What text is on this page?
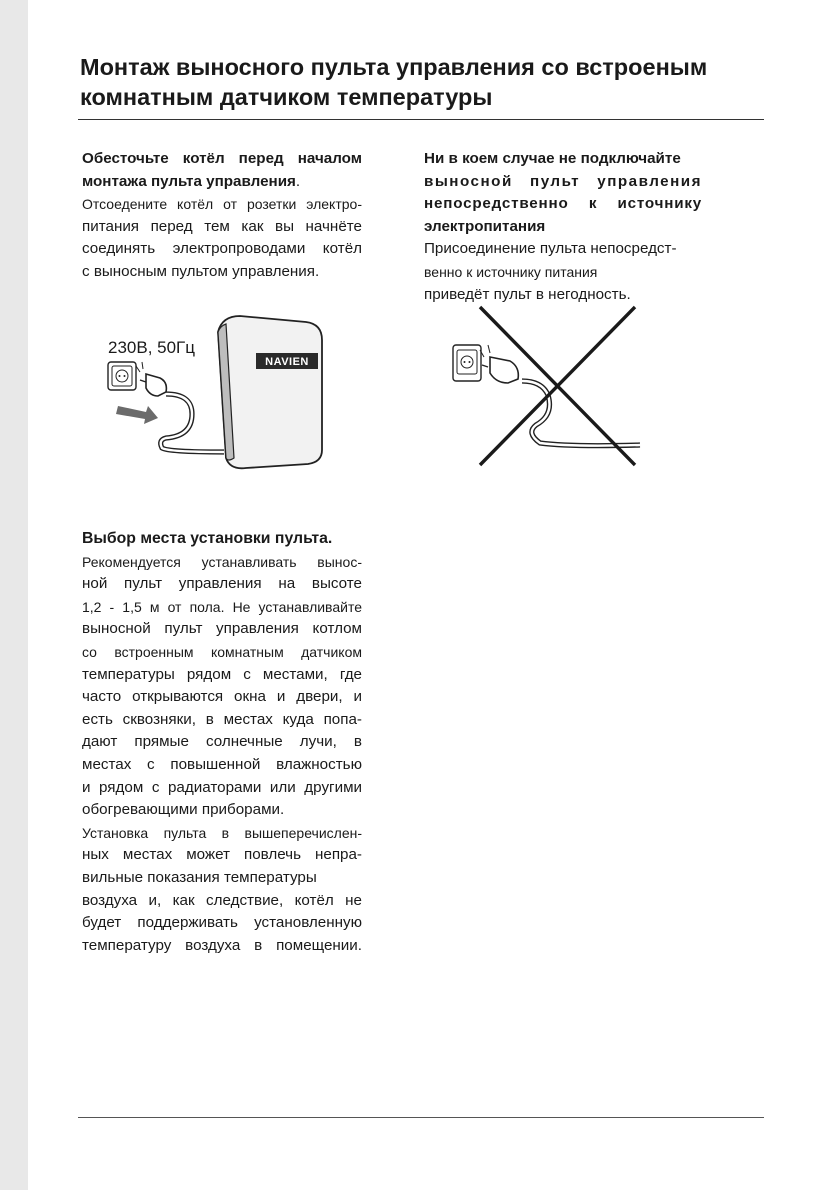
Монтаж выносного пульта управления со встроеным
комнатным датчиком температуры
Обесточьте котёл перед началом
монтажа пульта управления.
Отсоедените котёл от розетки электро-
питания перед тем как вы начнёте
соединять электропроводами котёл
с выносным пультом управления.
Ни в коем случае не подключайте
выносной пульт управления
непосредственно к источнику
электропитания
Присоединение пульта непосредст-
венно к источнику питания
приведёт пульт в негодность.
230В, 50Гц
NAVIEN
Выбор места установки пульта.
Рекомендуется устанавливать вынос-
ной пульт управления на высоте
1,2 - 1,5 м от пола. Не устанавливайте
выносной пульт управления котлом
со встроенным комнатным датчиком
температуры рядом с местами, где
часто открываются окна и двери, и
есть сквозняки, в местах куда попа-
дают прямые солнечные лучи, в
местах с повышенной влажностью
и рядом с радиаторами или другими
обогревающими приборами.
Установка пульта в вышеперечислен-
ных местах может повлечь непра-
вильные показания температуры
воздуха и, как следствие, котёл не
будет поддерживать установленную
температуру воздуха в помещении.
